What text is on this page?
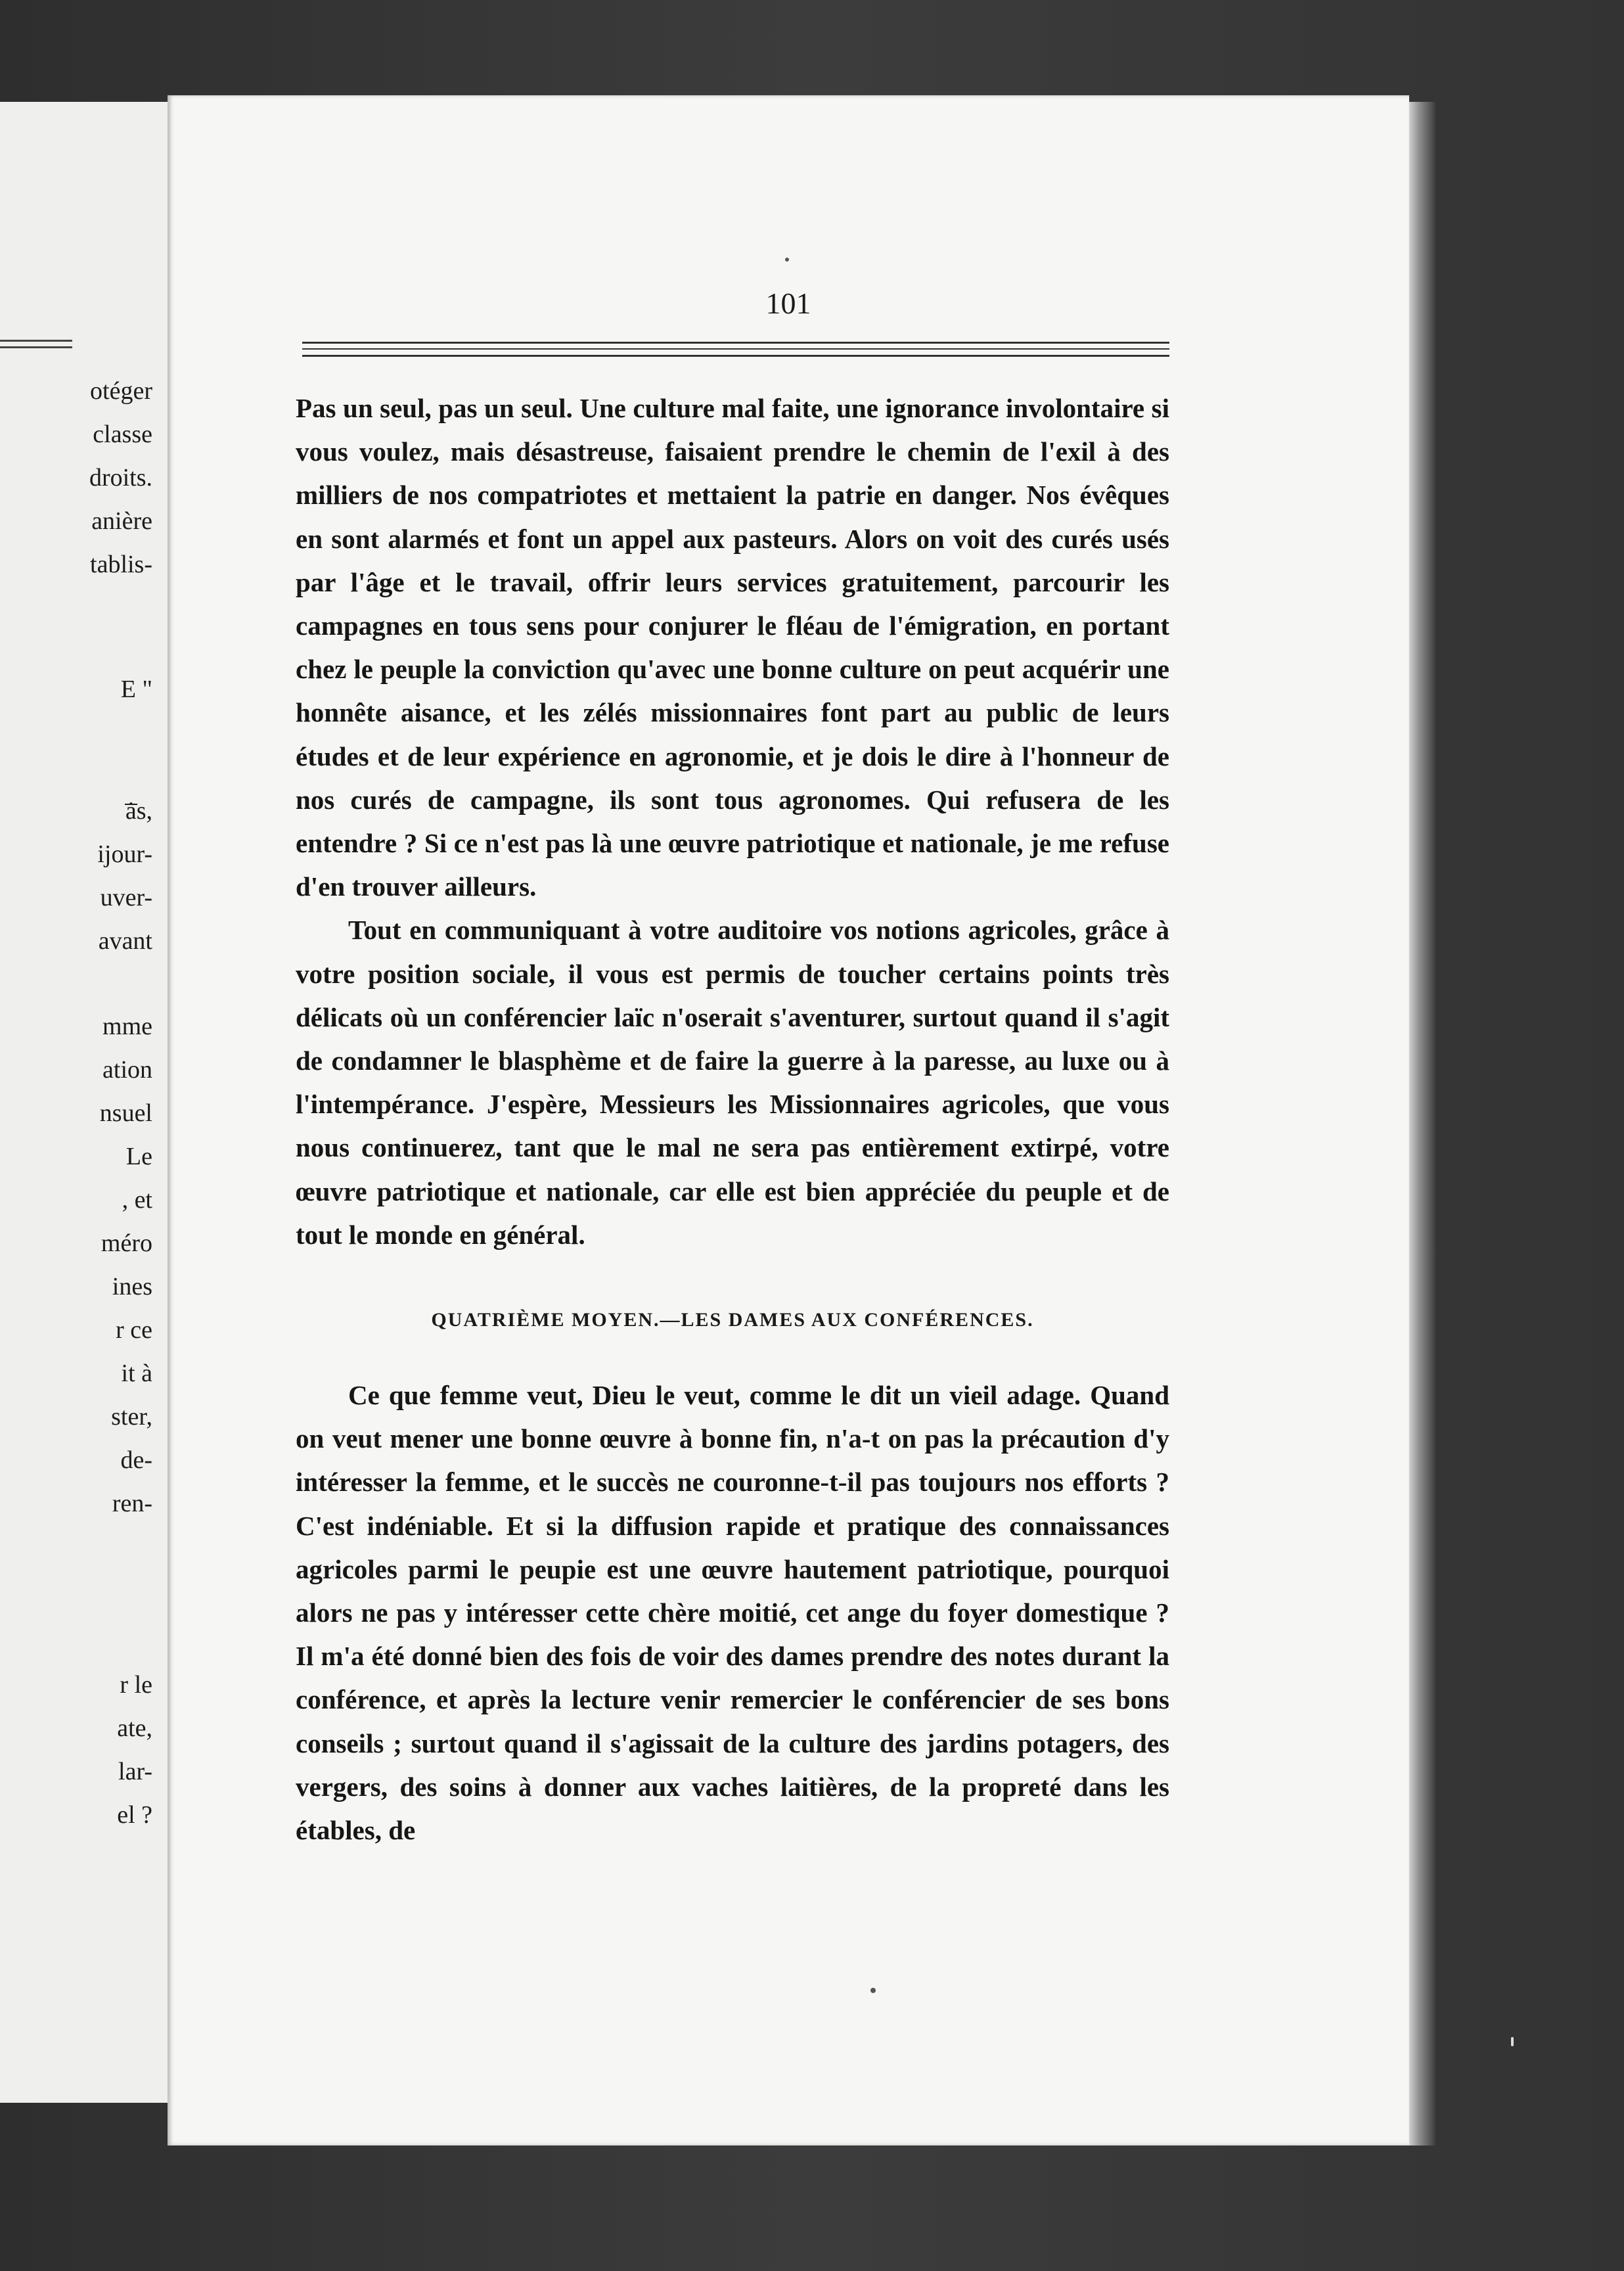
otéger
classe
droits.
anière
tablis-
E "
a̅̇s,
ijour-
uver-
avant
mme
ation
nsuel
Le
, et
méro
ines
r ce
it à
ster,
de-
ren-
r le
ate,
lar-
el ?
101

Pas un seul, pas un seul. Une culture mal faite, une ignorance involontaire si vous voulez, mais désastreuse, faisaient prendre le chemin de l'exil à des milliers de nos compatriotes et mettaient la patrie en danger. Nos évêques en sont alarmés et font un appel aux pasteurs. Alors on voit des curés usés par l'âge et le travail, offrir leurs services gratuitement, parcourir les campagnes en tous sens pour conjurer le fléau de l'émigration, en portant chez le peuple la conviction qu'avec une bonne culture on peut acquérir une honnête aisance, et les zélés missionnaires font part au public de leurs études et de leur expérience en agronomie, et je dois le dire à l'honneur de nos curés de campagne, ils sont tous agronomes. Qui refusera de les entendre ? Si ce n'est pas là une œuvre patriotique et nationale, je me refuse d'en trouver ailleurs.

Tout en communiquant à votre auditoire vos notions agricoles, grâce à votre position sociale, il vous est permis de toucher certains points très délicats où un conférencier laïc n'oserait s'aventurer, surtout quand il s'agit de condamner le blasphème et de faire la guerre à la paresse, au luxe ou à l'intempérance. J'espère, Messieurs les Missionnaires agricoles, que vous nous continuerez, tant que le mal ne sera pas entièrement extirpé, votre œuvre patriotique et nationale, car elle est bien appréciée du peuple et de tout le monde en général.

QUATRIÈME MOYEN.—LES DAMES AUX CONFÉRENCES.

Ce que femme veut, Dieu le veut, comme le dit un vieil adage. Quand on veut mener une bonne œuvre à bonne fin, n'a-t on pas la précaution d'y intéresser la femme, et le succès ne couronne-t-il pas toujours nos efforts ? C'est indéniable. Et si la diffusion rapide et pratique des connaissances agricoles parmi le peupie est une œuvre hautement patriotique, pourquoi alors ne pas y intéresser cette chère moitié, cet ange du foyer domestique ? Il m'a été donné bien des fois de voir des dames prendre des notes durant la conférence, et après la lecture venir remercier le conférencier de ses bons conseils ; surtout quand il s'agissait de la culture des jardins potagers, des vergers, des soins à donner aux vaches laitières, de la propreté dans les étables, de
